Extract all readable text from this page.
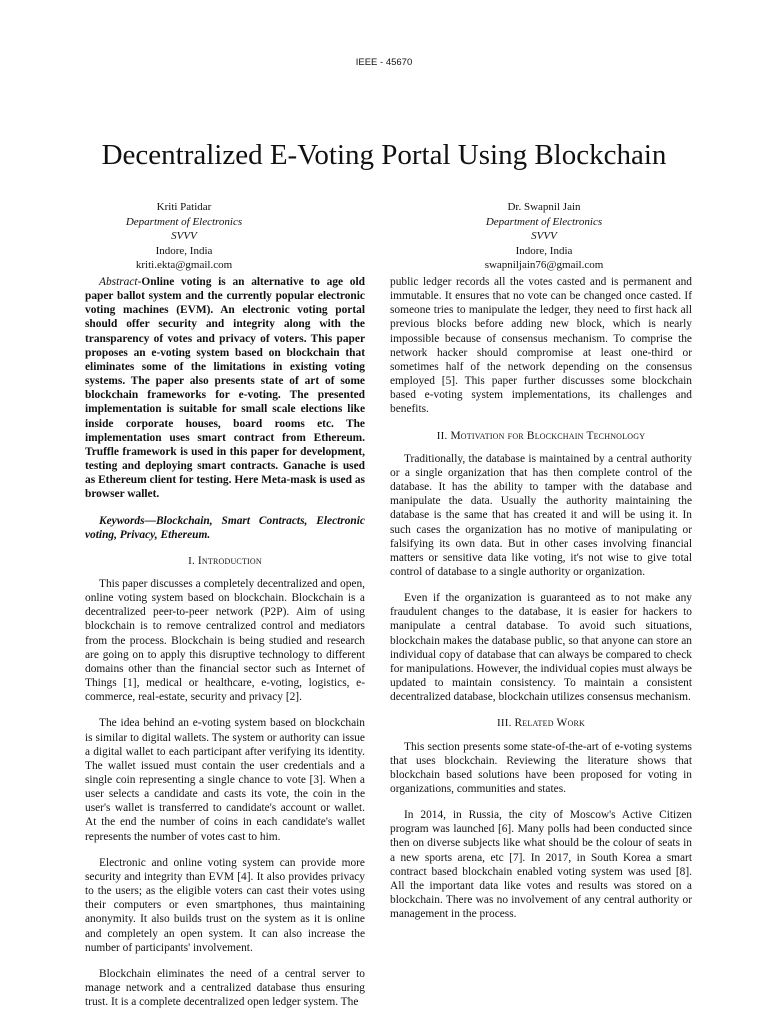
IEEE - 45670
Decentralized E-Voting Portal Using Blockchain
Kriti Patidar
Department of Electronics
SVVV
Indore, India
kriti.ekta@gmail.com
Dr. Swapnil Jain
Department of Electronics
SVVV
Indore, India
swapniljain76@gmail.com

Abstract-Online voting is an alternative to age old paper ballot system and the currently popular electronic voting machines (EVM). An electronic voting portal should offer security and integrity along with the transparency of votes and privacy of voters. This paper proposes an e-voting system based on blockchain that eliminates some of the limitations in existing voting systems. The paper also presents state of art of some blockchain frameworks for e-voting. The presented implementation is suitable for small scale elections like inside corporate houses, board rooms etc. The implementation uses smart contract from Ethereum. Truffle framework is used in this paper for development, testing and deploying smart contracts. Ganache is used as Ethereum client for testing. Here Meta-mask is used as browser wallet.

Keywords—Blockchain, Smart Contracts, Electronic voting, Privacy, Ethereum.

I. Introduction

This paper discusses a completely decentralized and open, online voting system based on blockchain. Blockchain is a decentralized peer-to-peer network (P2P). Aim of using blockchain is to remove centralized control and mediators from the process. Blockchain is being studied and research are going on to apply this disruptive technology to different domains other than the financial sector such as Internet of Things [1], medical or healthcare, e-voting, logistics, e-commerce, real-estate, security and privacy [2].

The idea behind an e-voting system based on blockchain is similar to digital wallets. The system or authority can issue a digital wallet to each participant after verifying its identity. The wallet issued must contain the user credentials and a single coin representing a single chance to vote [3]. When a user selects a candidate and casts its vote, the coin in the user's wallet is transferred to candidate's account or wallet. At the end the number of coins in each candidate's wallet represents the number of votes cast to him.

Electronic and online voting system can provide more security and integrity than EVM [4]. It also provides privacy to the users; as the eligible voters can cast their votes using their computers or even smartphones, thus maintaining anonymity. It also builds trust on the system as it is online and completely an open system. It can also increase the number of participants' involvement.

Blockchain eliminates the need of a central server to manage network and a centralized database thus ensuring trust. It is a complete decentralized open ledger system. The

public ledger records all the votes casted and is permanent and immutable. It ensures that no vote can be changed once casted. If someone tries to manipulate the ledger, they need to first hack all previous blocks before adding new block, which is nearly impossible because of consensus mechanism. To comprise the network hacker should compromise at least one-third or sometimes half of the network depending on the consensus employed [5]. This paper further discusses some blockchain based e-voting system implementations, its challenges and benefits.

II. Motivation for Blockchain Technology

Traditionally, the database is maintained by a central authority or a single organization that has then complete control of the database. It has the ability to tamper with the database and manipulate the data. Usually the authority maintaining the database is the same that has created it and will be using it. In such cases the organization has no motive of manipulating or falsifying its own data. But in other cases involving financial matters or sensitive data like voting, it's not wise to give total control of database to a single authority or organization.

Even if the organization is guaranteed as to not make any fraudulent changes to the database, it is easier for hackers to manipulate a central database. To avoid such situations, blockchain makes the database public, so that anyone can store an individual copy of database that can always be compared to check for manipulations. However, the individual copies must always be updated to maintain consistency. To maintain a consistent decentralized database, blockchain utilizes consensus mechanism.

III. Related Work

This section presents some state-of-the-art of e-voting systems that uses blockchain. Reviewing the literature shows that blockchain based solutions have been proposed for voting in organizations, communities and states.

In 2014, in Russia, the city of Moscow's Active Citizen program was launched [6]. Many polls had been conducted since then on diverse subjects like what should be the colour of seats in a new sports arena, etc [7]. In 2017, in South Korea a smart contract based blockchain enabled voting system was used [8]. All the important data like votes and results was stored on a blockchain. There was no involvement of any central authority or management in the process.
